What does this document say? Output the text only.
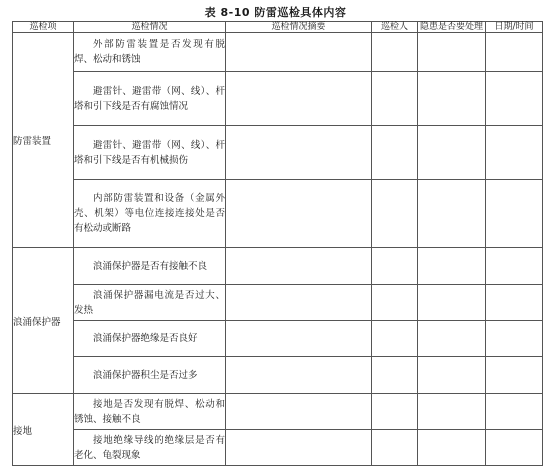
表 8-10 防雷巡检具体内容
巡检项	巡检情况	巡检情况摘要	巡检人	隐患是否要处理	日期/时间
防雷装置	外部防雷装置是否发现有脱焊、松动和锈蚀				

	避雷针、避雷带（网、线）、杆塔和引下线是否有腐蚀情况				

	避雷针、避雷带（网、线）、杆塔和引下线是否有机械损伤				

	内部防雷装置和设备（金属外壳、机架）等电位连接连接处是否有松动或断路				

浪涌保护器	浪涌保护器是否有接触不良				

	浪涌保护器漏电流是否过大、发热				

	浪涌保护器绝缘是否良好				

	浪涌保护器积尘是否过多				

接地	接地是否发现有脱焊、松动和锈蚀、接触不良				

	接地绝缘导线的绝缘层是否有老化、龟裂现象				
